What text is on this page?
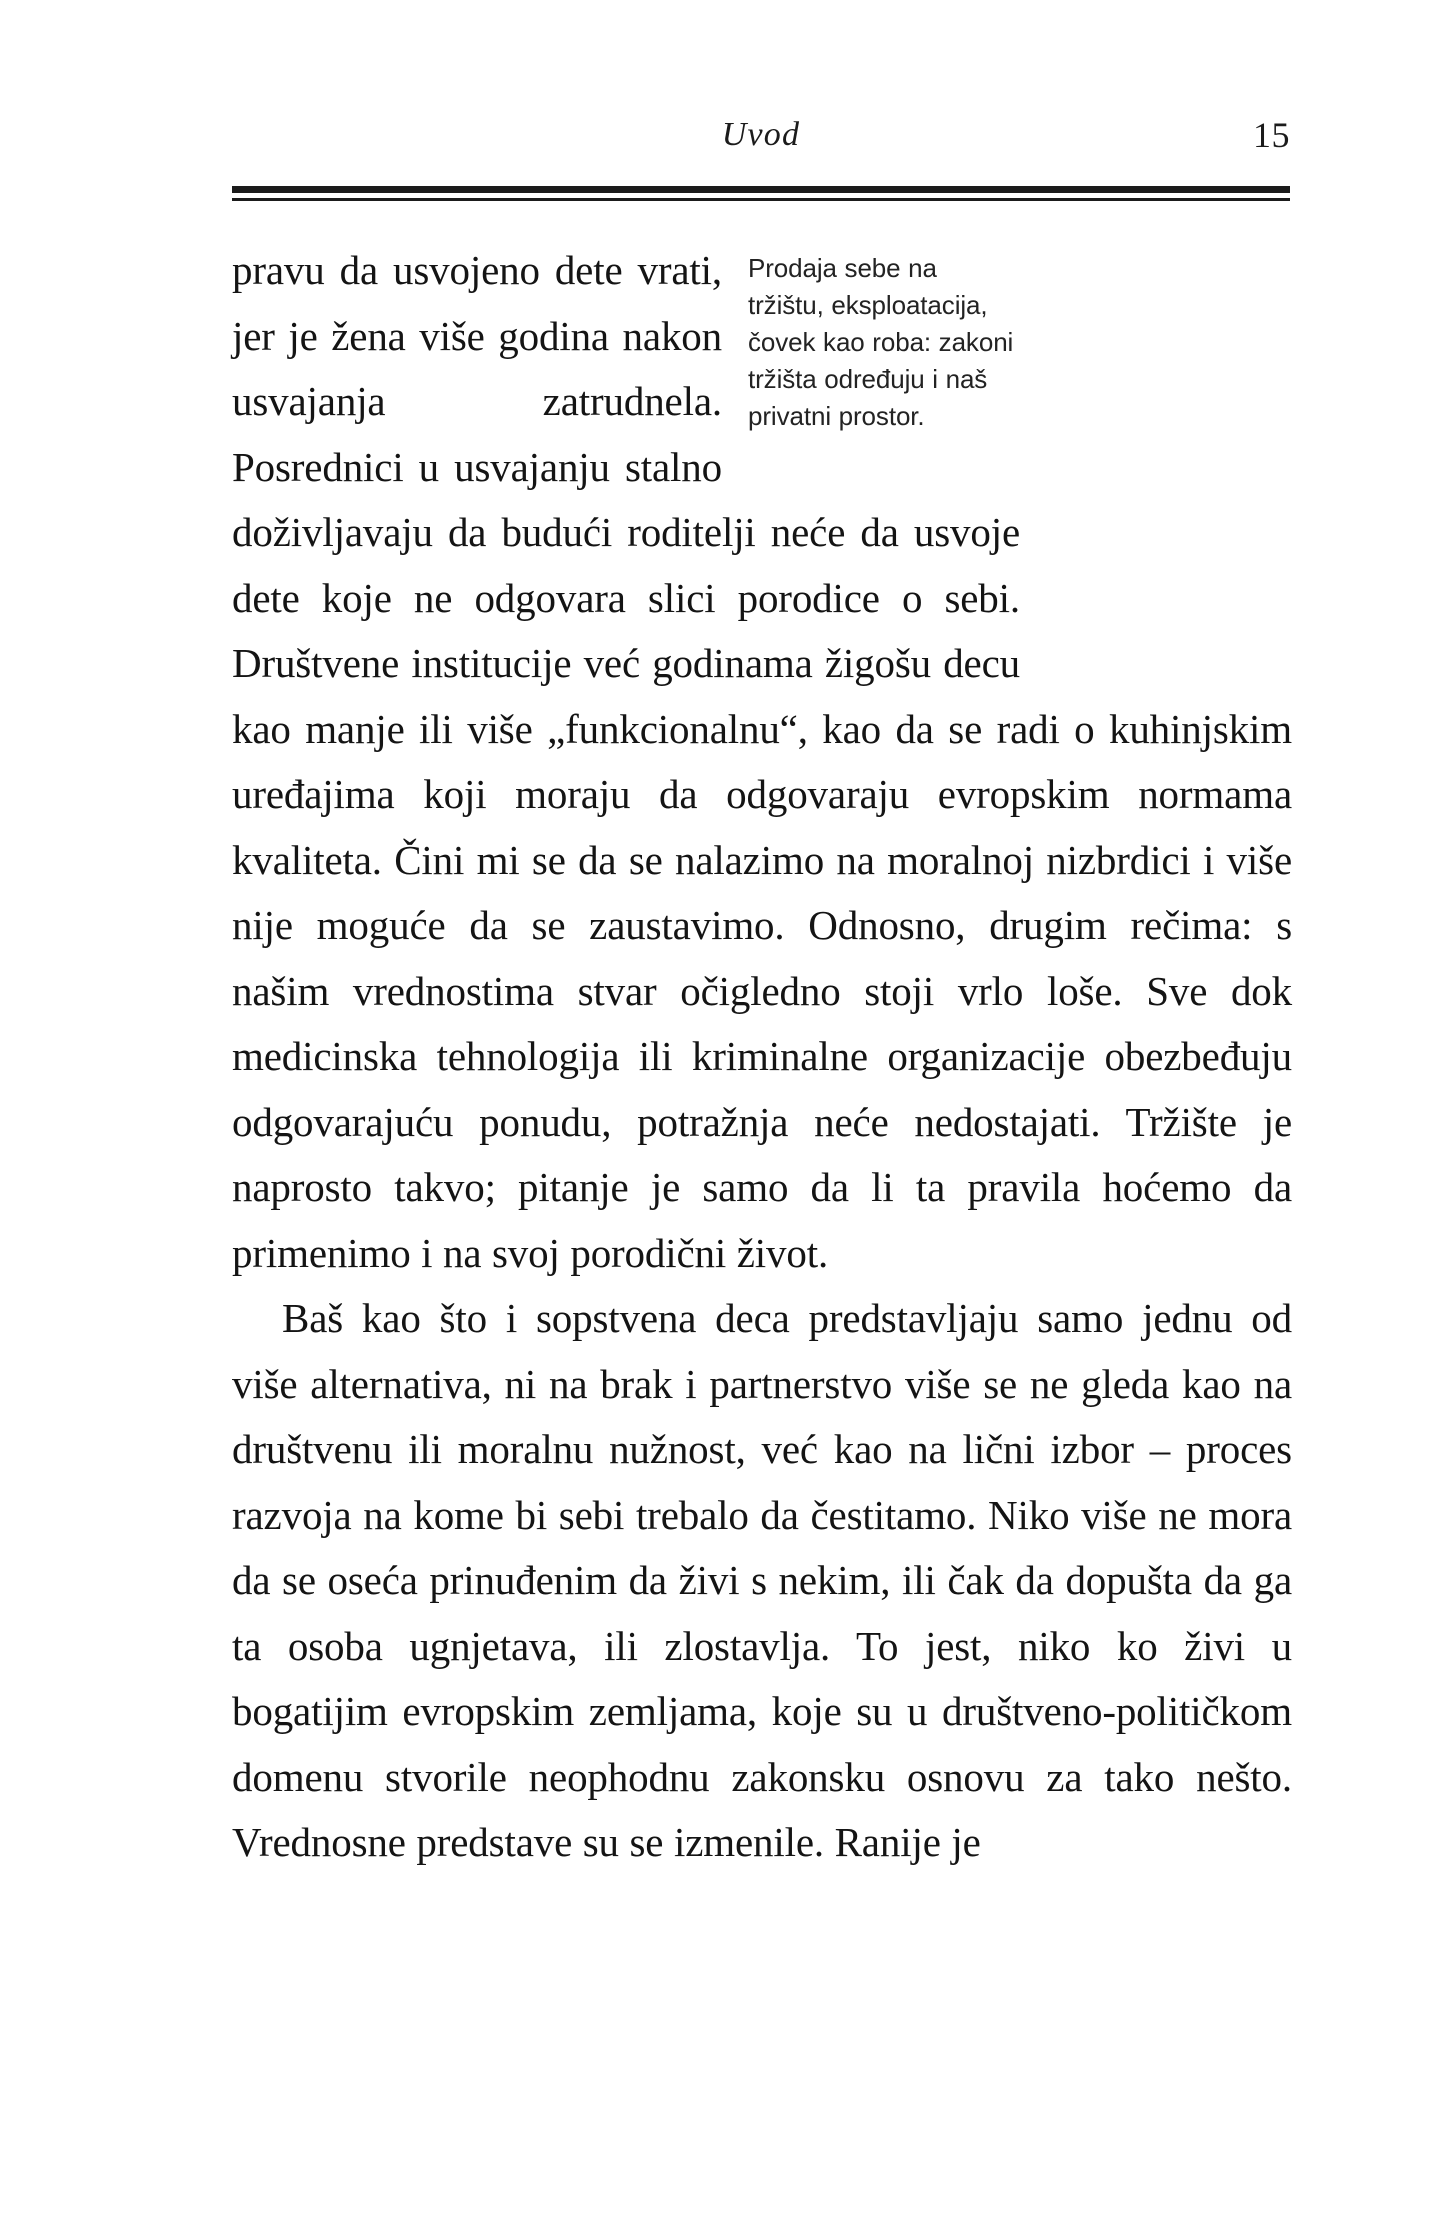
Uvod	15

Prodaja sebe na
tržištu, eksploatacija,
čovek kao roba: zakoni
tržišta određuju i naš
privatni prostor.
pravu da usvojeno dete vrati, jer je žena više godina nakon usvajanja zatrudnela. Posrednici u usvajanju stalno doživljavaju da budući roditelji neće da usvoje dete koje ne odgovara slici porodice o sebi. Društvene institucije već godinama žigošu decu kao manje ili više „funkcionalnu“, kao da se radi o kuhinjskim uređajima koji moraju da odgovaraju evropskim normama kvaliteta. Čini mi se da se nalazimo na moralnoj nizbrdici i više nije moguće da se zaustavimo. Odnosno, drugim rečima: s našim vrednostima stvar očigledno stoji vrlo loše. Sve dok medicinska tehnologija ili kriminalne organizacije obezbeđuju odgovarajuću ponudu, potražnja neće nedostajati. Tržište je naprosto takvo; pitanje je samo da li ta pravila hoćemo da primenimo i na svoj porodični život.

Baš kao što i sopstvena deca predstavljaju samo jednu od više alternativa, ni na brak i partnerstvo više se ne gleda kao na društvenu ili moralnu nužnost, već kao na lični izbor – proces razvoja na kome bi sebi trebalo da čestitamo. Niko više ne mora da se oseća prinuđenim da živi s nekim, ili čak da dopušta da ga ta osoba ugnjetava, ili zlostavlja. To jest, niko ko živi u bogatijim evropskim zemljama, koje su u društveno-političkom domenu stvorile neophodnu zakonsku osnovu za tako nešto. Vrednosne predstave su se izmenile. Ranije je
